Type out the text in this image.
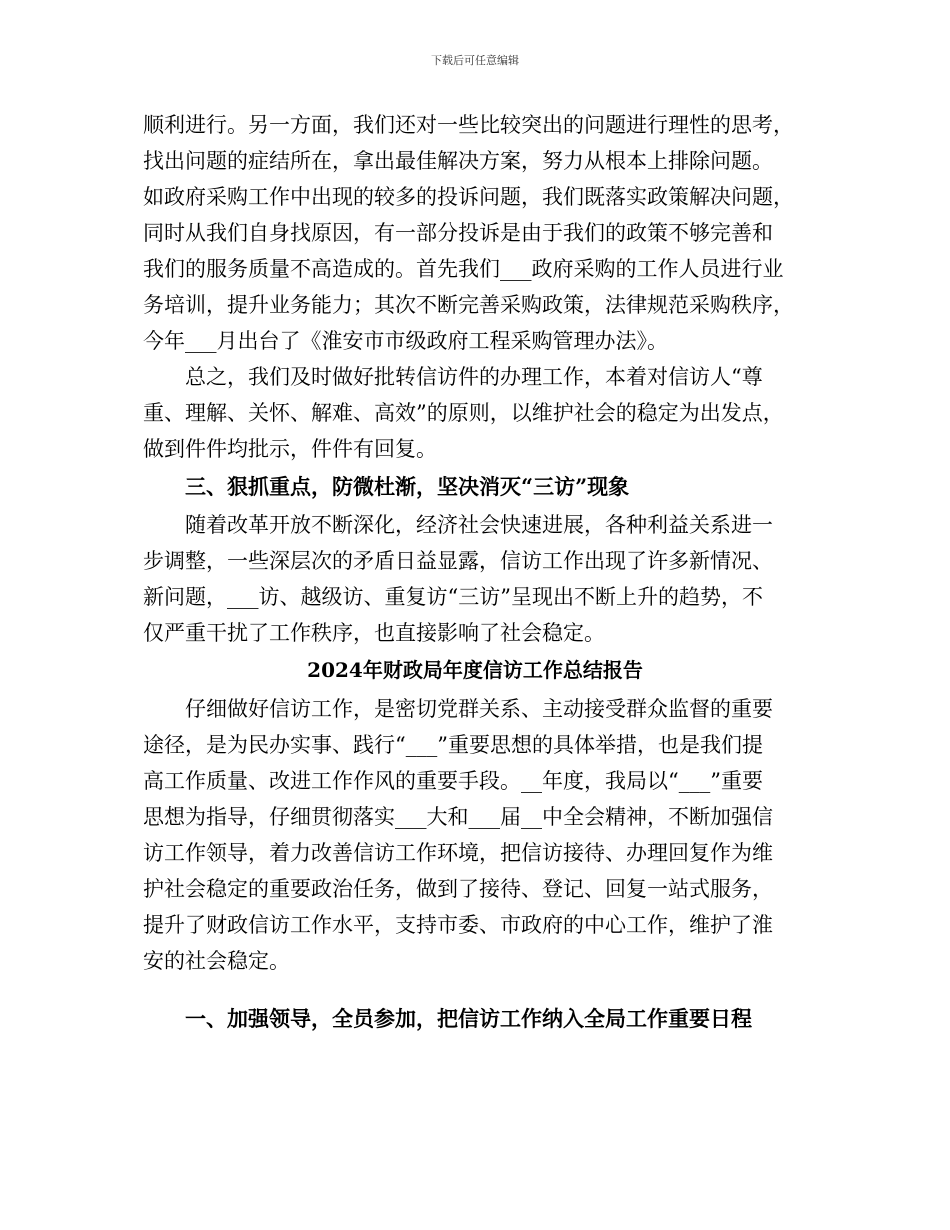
下载后可任意编辑
顺利进行。另一方面，我们还对一些比较突出的问题进行理性的思考，
找出问题的症结所在，拿出最佳解决方案，努力从根本上排除问题。
如政府采购工作中出现的较多的投诉问题，我们既落实政策解决问题，
同时从我们自身找原因，有一部分投诉是由于我们的政策不够完善和
我们的服务质量不高造成的。首先我们___政府采购的工作人员进行业
务培训，提升业务能力；其次不断完善采购政策，法律规范采购秩序，
今年___月出台了《淮安市市级政府工程采购管理办法》。
总之，我们及时做好批转信访件的办理工作，本着对信访人“尊
重、理解、关怀、解难、高效”的原则，以维护社会的稳定为出发点，
做到件件均批示，件件有回复。
三、狠抓重点，防微杜渐，坚决消灭“三访”现象
随着改革开放不断深化，经济社会快速进展，各种利益关系进一
步调整，一些深层次的矛盾日益显露，信访工作出现了许多新情况、
新问题，___访、越级访、重复访“三访”呈现出不断上升的趋势，不
仅严重干扰了工作秩序，也直接影响了社会稳定。
2024年财政局年度信访工作总结报告
仔细做好信访工作，是密切党群关系、主动接受群众监督的重要
途径，是为民办实事、践行“___”重要思想的具体举措，也是我们提
高工作质量、改进工作作风的重要手段。__年度，我局以“___”重要
思想为指导，仔细贯彻落实___大和___届__中全会精神，不断加强信
访工作领导，着力改善信访工作环境，把信访接待、办理回复作为维
护社会稳定的重要政治任务，做到了接待、登记、回复一站式服务，
提升了财政信访工作水平，支持市委、市政府的中心工作，维护了淮
安的社会稳定。
一、加强领导，全员参加，把信访工作纳入全局工作重要日程
